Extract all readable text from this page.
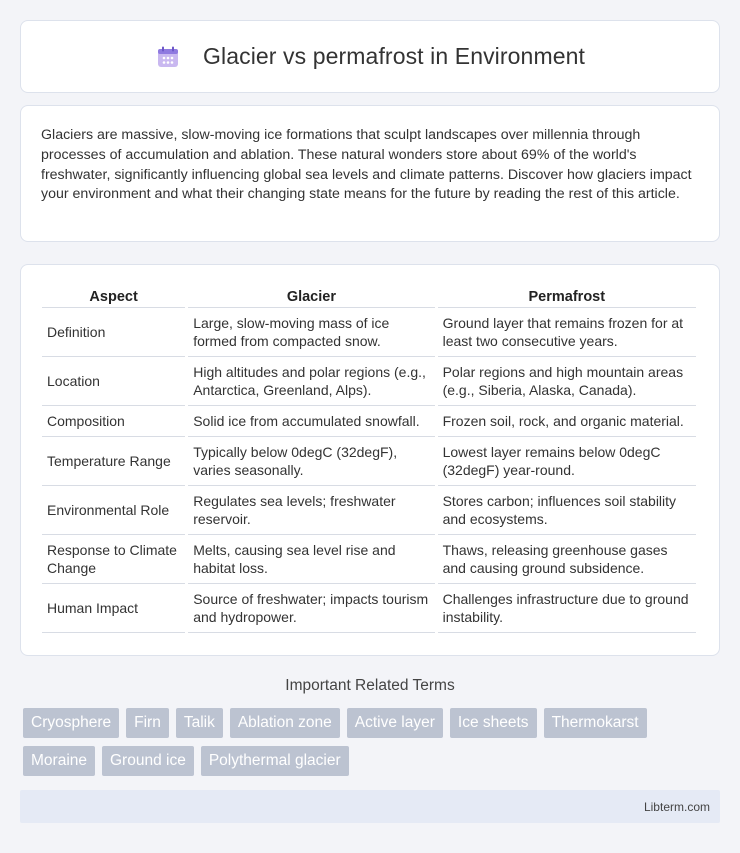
Glacier vs permafrost in Environment

Glaciers are massive, slow-moving ice formations that sculpt landscapes over millennia through processes of accumulation and ablation. These natural wonders store about 69% of the world's freshwater, significantly influencing global sea levels and climate patterns. Discover how glaciers impact your environment and what their changing state means for the future by reading the rest of this article.

Aspect	Glacier	Permafrost
Definition	Large, slow-moving mass of ice formed from compacted snow.	Ground layer that remains frozen for at least two consecutive years.
Location	High altitudes and polar regions (e.g., Antarctica, Greenland, Alps).	Polar regions and high mountain areas (e.g., Siberia, Alaska, Canada).
Composition	Solid ice from accumulated snowfall.	Frozen soil, rock, and organic material.
Temperature Range	Typically below 0degC (32degF), varies seasonally.	Lowest layer remains below 0degC (32degF) year-round.
Environmental Role	Regulates sea levels; freshwater reservoir.	Stores carbon; influences soil stability and ecosystems.
Response to Climate Change	Melts, causing sea level rise and habitat loss.	Thaws, releasing greenhouse gases and causing ground subsidence.
Human Impact	Source of freshwater; impacts tourism and hydropower.	Challenges infrastructure due to ground instability.
Important Related Terms
Cryosphere	Firn	Talik	Ablation zone	Active layer	Ice sheets	Thermokarst
Moraine	Ground ice	Polythermal glacier
Libterm.com
